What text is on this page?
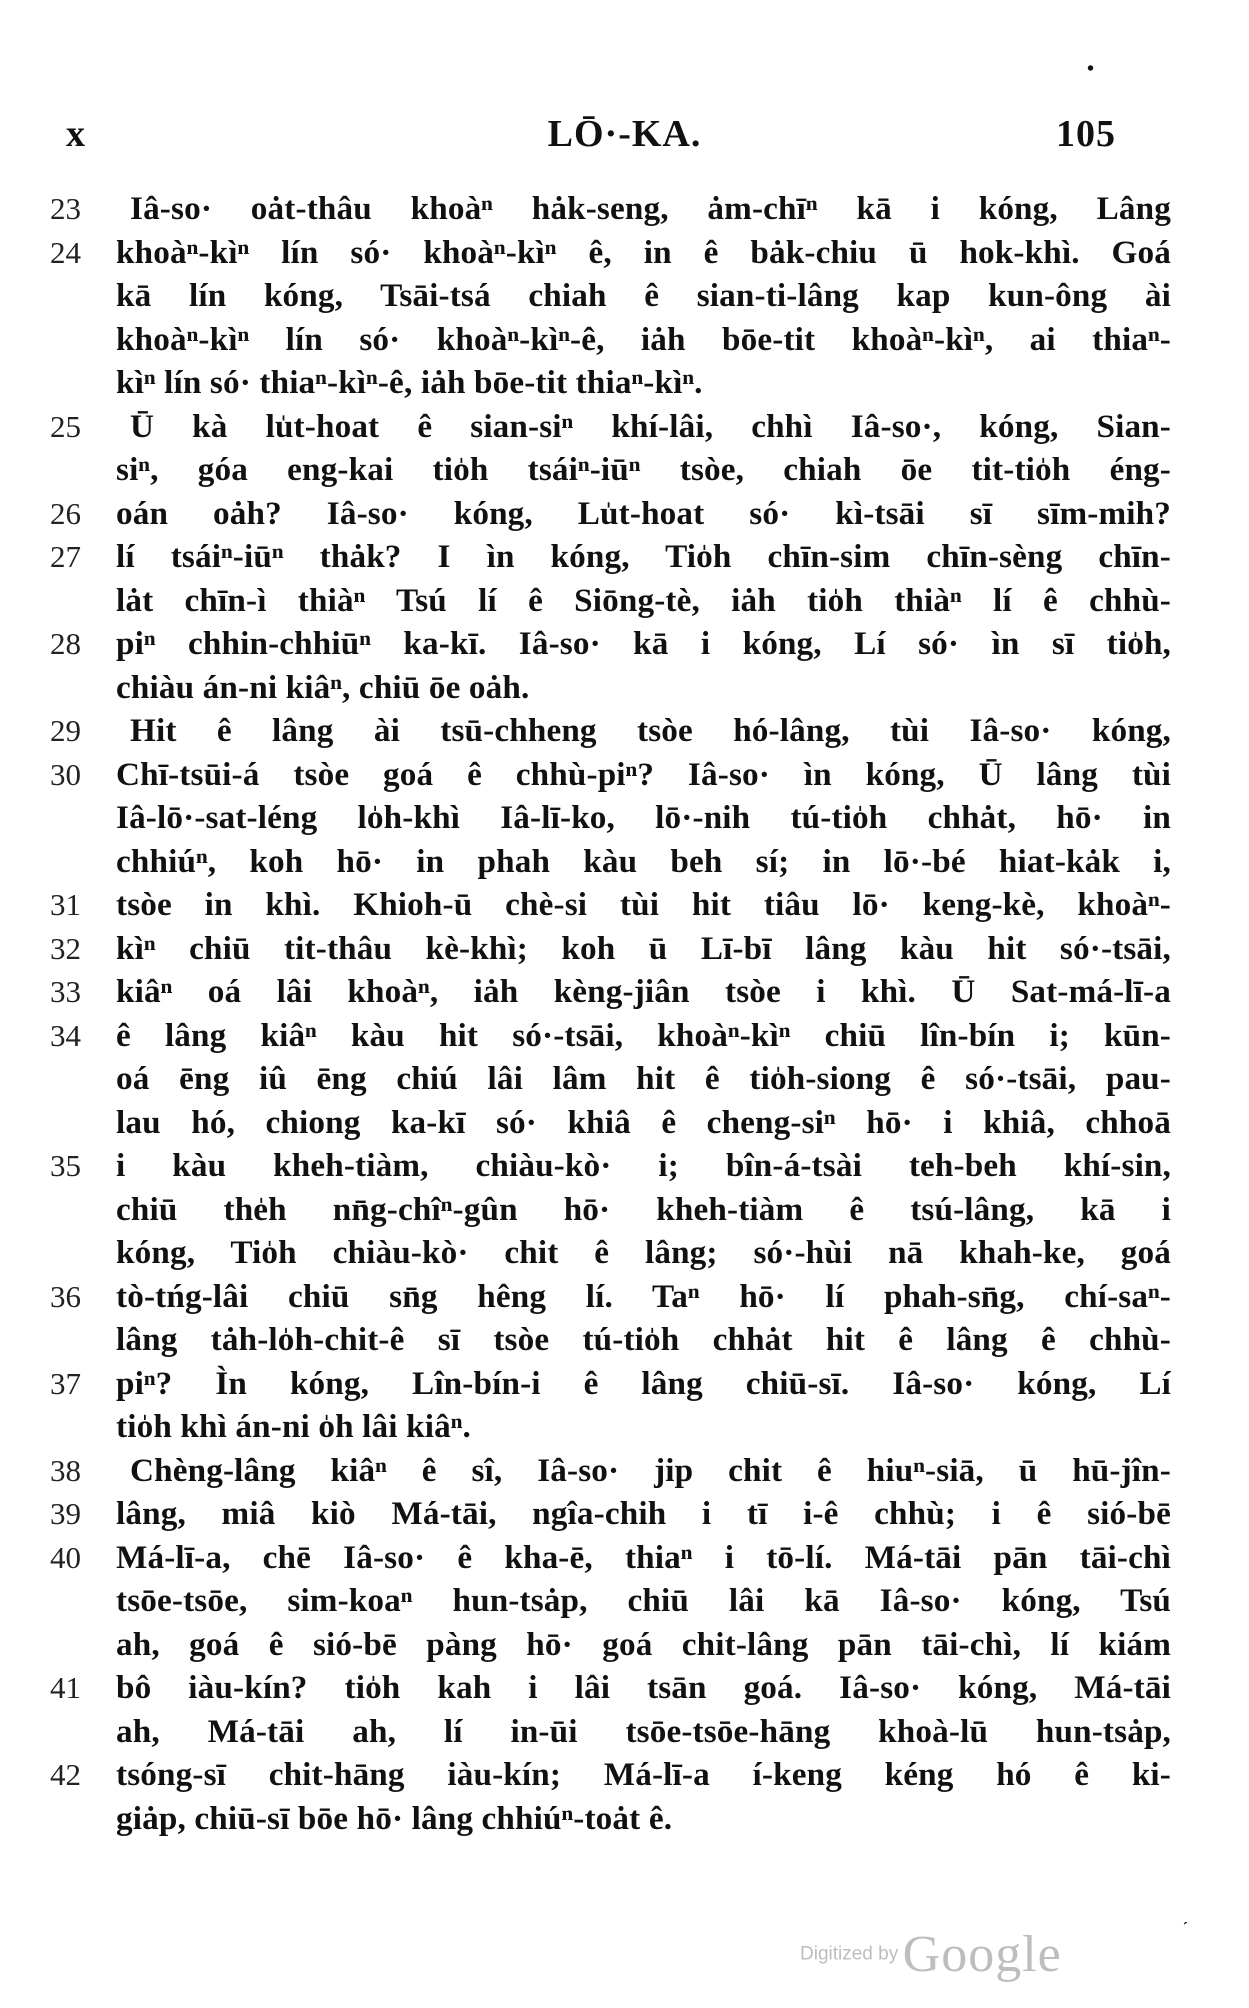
•
ˏ
x	LŌ·-KA.	105
23	Iâ-so· oȧt-thâu khoàⁿ hȧk-seng, ȧm-chīⁿ kā i kóng, Lâng
24	khoàⁿ-kìⁿ lín só· khoàⁿ-kìⁿ ê, in ê bȧk-chiu ū hok-khì. Goá
kā lín kóng, Tsāi-tsá chiah ê sian-ti-lâng kap kun-ông ài
khoàⁿ-kìⁿ lín só· khoàⁿ-kìⁿ-ê, iȧh bōe-tit khoàⁿ-kìⁿ, ai thiaⁿ-
kìⁿ lín só· thiaⁿ-kìⁿ-ê, iȧh bōe-tit thiaⁿ-kìⁿ.
25	Ū kà lu̍t-hoat ê sian-siⁿ khí-lâi, chhì Iâ-so·, kóng, Sian-
siⁿ, góa eng-kai tio̍h tsáiⁿ-iūⁿ tsòe, chiah ōe tit-tio̍h éng-
26	oán oȧh? Iâ-so· kóng, Lu̍t-hoat só· kì-tsāi sī sīm-mih?
27	lí tsáiⁿ-iūⁿ thȧk? I ìn kóng, Tio̍h chīn-sim chīn-sèng chīn-
lȧt chīn-ì thiàⁿ Tsú lí ê Siōng-tè, iȧh tio̍h thiàⁿ lí ê chhù-
28	piⁿ chhin-chhiūⁿ ka-kī. Iâ-so· kā i kóng, Lí só· ìn sī tio̍h,
chiàu án-ni kiâⁿ, chiū ōe oȧh.
29	Hit ê lâng ài tsū-chheng tsòe hó-lâng, tùi Iâ-so· kóng,
30	Chī-tsūi-á tsòe goá ê chhù-piⁿ? Iâ-so· ìn kóng, Ū lâng tùi
Iâ-lō·-sat-léng lo̍h-khì Iâ-lī-ko, lō·-nih tú-tio̍h chhȧt, hō· in
chhiúⁿ, koh hō· in phah kàu beh sí; in lō·-bé hiat-kȧk i,
31	tsòe in khì. Khioh-ū chè-si tùi hit tiâu lō· keng-kè, khoàⁿ-
32	kìⁿ chiū tit-thâu kè-khì; koh ū Lī-bī lâng kàu hit só·-tsāi,
33	kiâⁿ oá lâi khoàⁿ, iȧh kèng-jiân tsòe i khì. Ū Sat-má-lī-a
34	ê lâng kiâⁿ kàu hit só·-tsāi, khoàⁿ-kìⁿ chiū lîn-bín i; kūn-
oá ēng iû ēng chiú lâi lâm hit ê tio̍h-siong ê só·-tsāi, pau-
lau hó, chiong ka-kī só· khiâ ê cheng-siⁿ hō· i khiâ, chhoā
35	i kàu kheh-tiàm, chiàu-kò· i; bîn-á-tsài teh-beh khí-sin,
chiū the̍h nn̄g-chîⁿ-gûn hō· kheh-tiàm ê tsú-lâng, kā i
kóng, Tio̍h chiàu-kò· chit ê lâng; só·-hùi nā khah-ke, goá
36	tò-tńg-lâi chiū sn̄g hêng lí. Taⁿ hō· lí phah-sn̄g, chí-saⁿ-
lâng tȧh-lo̍h-chit-ê sī tsòe tú-tio̍h chhȧt hit ê lâng ê chhù-
37	piⁿ? Ìn kóng, Lîn-bín-i ê lâng chiū-sī. Iâ-so· kóng, Lí
tio̍h khì án-ni o̍h lâi kiâⁿ.
38	Chèng-lâng kiâⁿ ê sî, Iâ-so· jip chit ê hiuⁿ-siā, ū hū-jîn-
39	lâng, miâ kiò Má-tāi, ngîa-chih i tī i-ê chhù; i ê sió-bē
40	Má-lī-a, chē Iâ-so· ê kha-ē, thiaⁿ i tō-lí. Má-tāi pān tāi-chì
tsōe-tsōe, sim-koaⁿ hun-tsȧp, chiū lâi kā Iâ-so· kóng, Tsú
ah, goá ê sió-bē pàng hō· goá chit-lâng pān tāi-chì, lí kiám
41	bô iàu-kín? tio̍h kah i lâi tsān goá. Iâ-so· kóng, Má-tāi
ah, Má-tāi ah, lí in-ūi tsōe-tsōe-hāng khoà-lū hun-tsȧp,
42	tsóng-sī chit-hāng iàu-kín; Má-lī-a í-keng kéng hó ê ki-
giȧp, chiū-sī bōe hō· lâng chhiúⁿ-toȧt ê.
Digitized by Google
